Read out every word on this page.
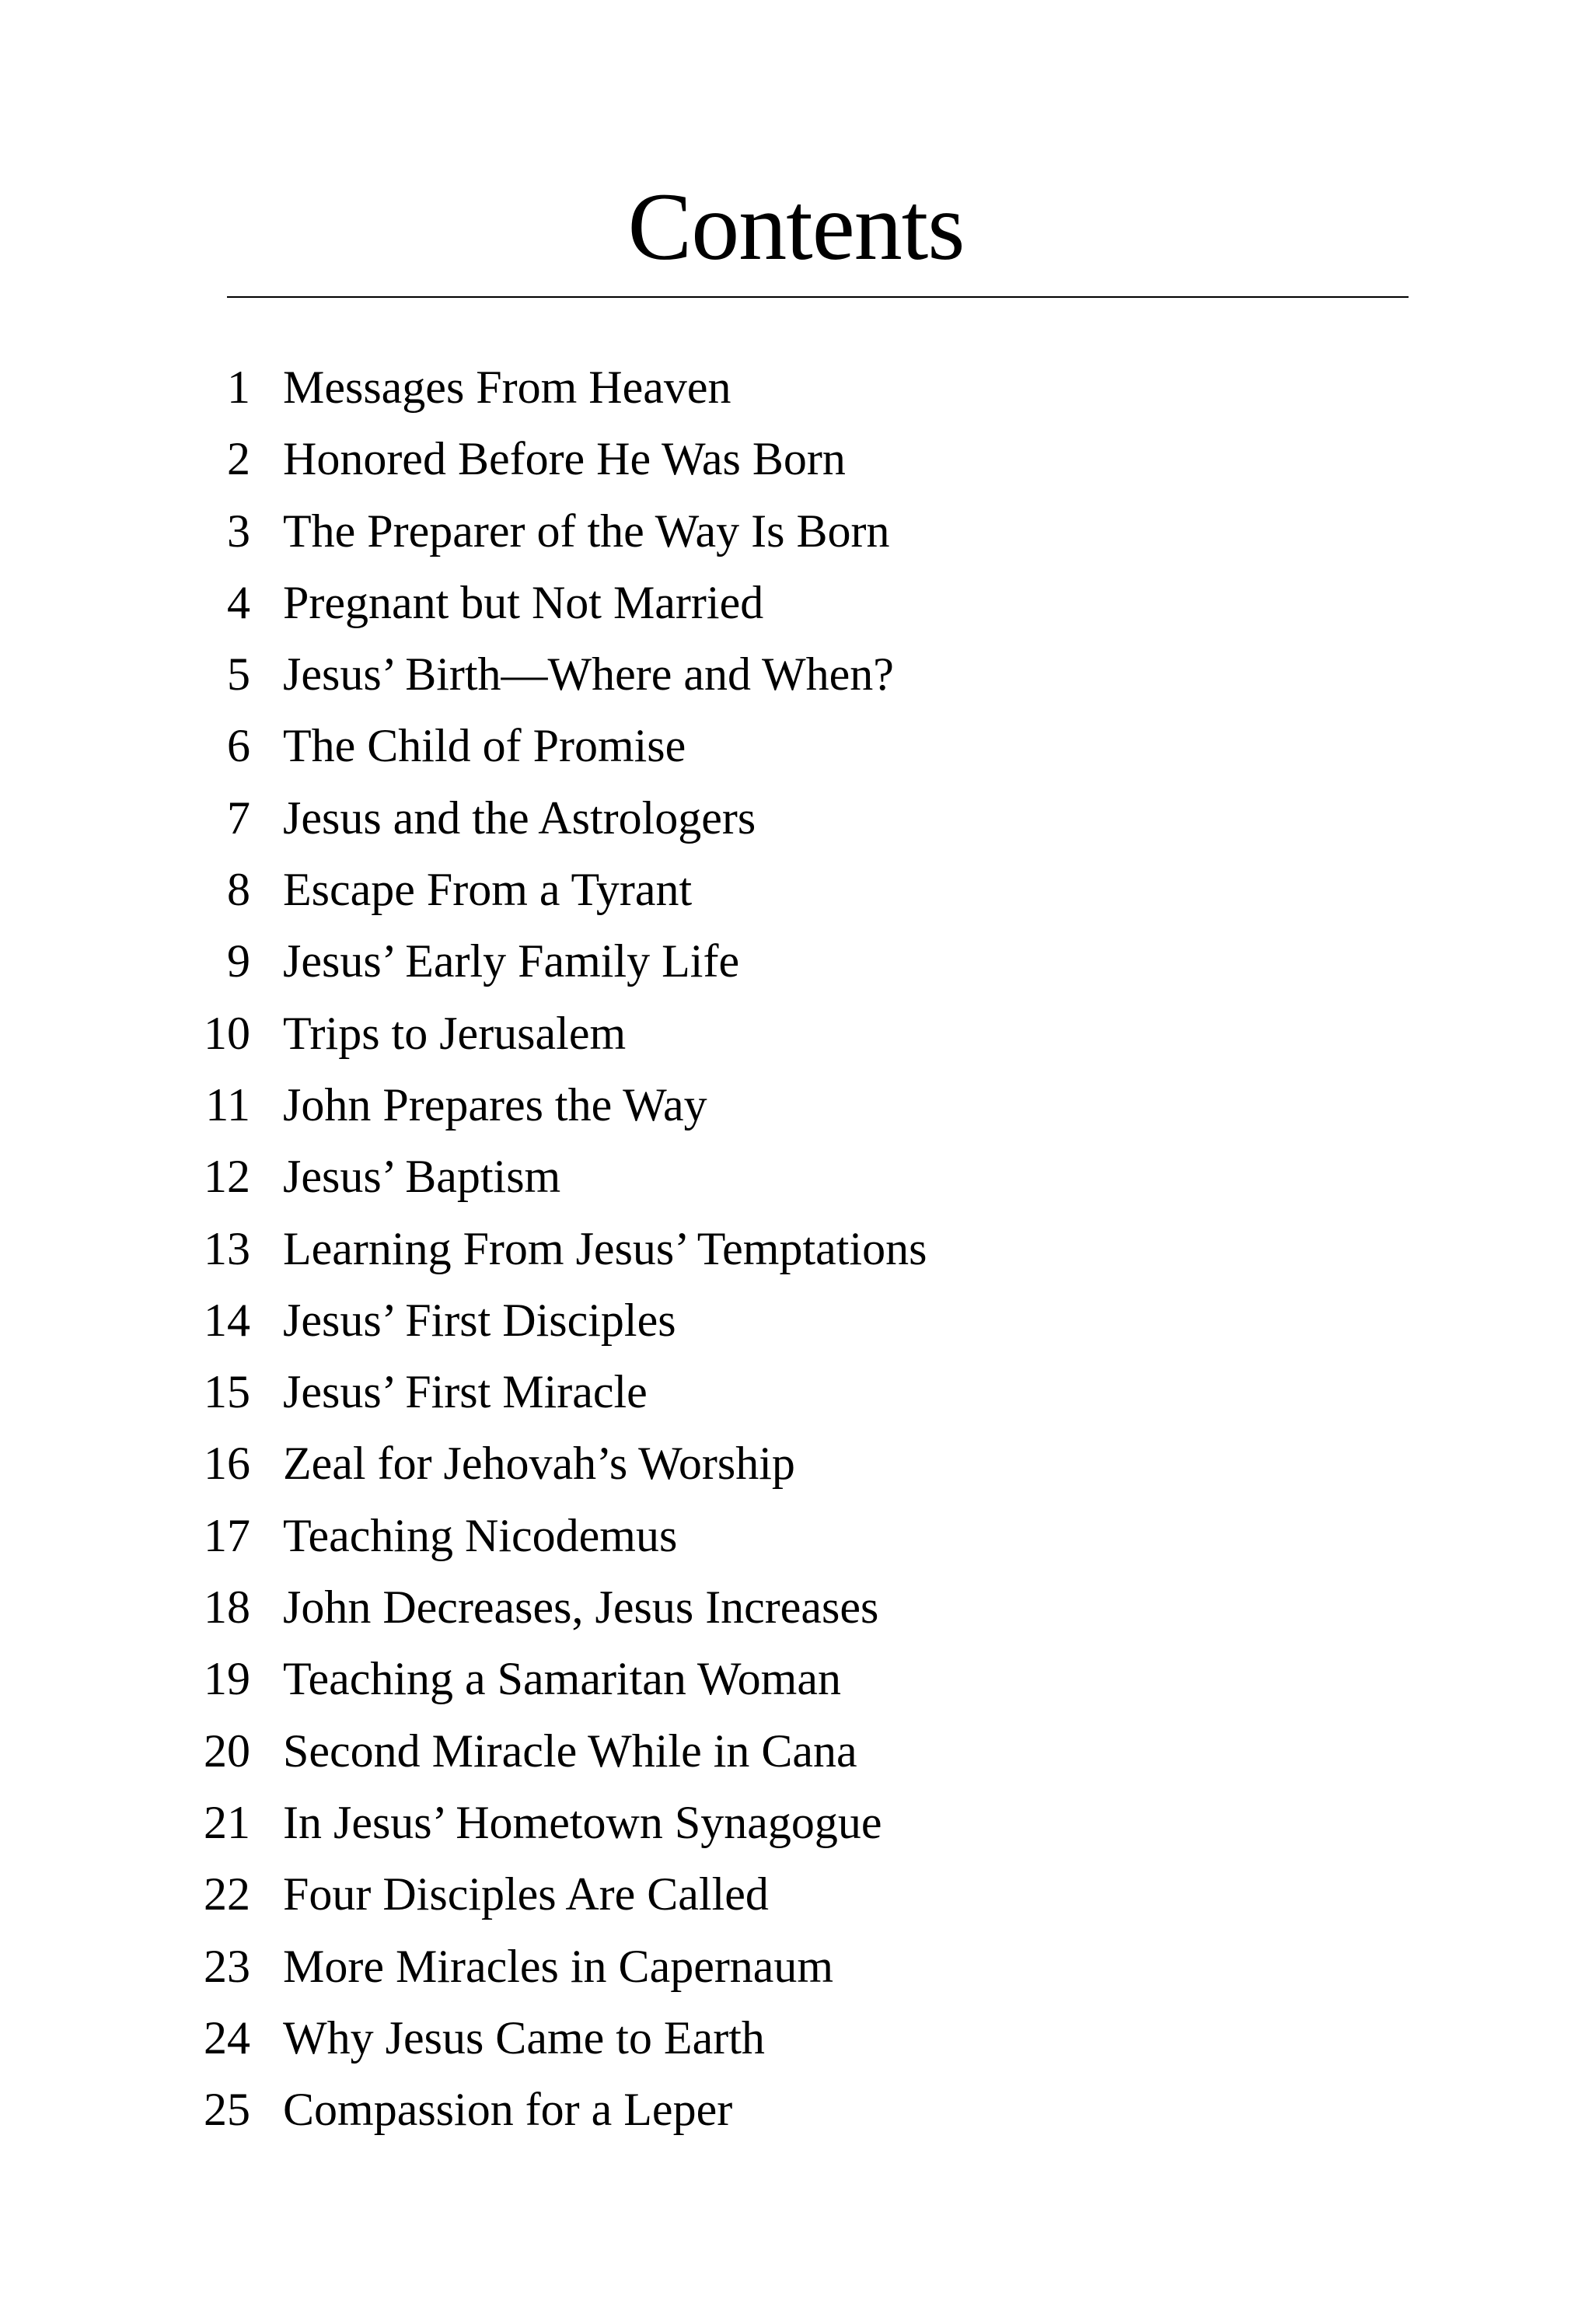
Contents
1 Messages From Heaven
2 Honored Before He Was Born
3 The Preparer of the Way Is Born
4 Pregnant but Not Married
5 Jesus’ Birth—Where and When?
6 The Child of Promise
7 Jesus and the Astrologers
8 Escape From a Tyrant
9 Jesus’ Early Family Life
10 Trips to Jerusalem
11 John Prepares the Way
12 Jesus’ Baptism
13 Learning From Jesus’ Temptations
14 Jesus’ First Disciples
15 Jesus’ First Miracle
16 Zeal for Jehovah’s Worship
17 Teaching Nicodemus
18 John Decreases, Jesus Increases
19 Teaching a Samaritan Woman
20 Second Miracle While in Cana
21 In Jesus’ Hometown Synagogue
22 Four Disciples Are Called
23 More Miracles in Capernaum
24 Why Jesus Came to Earth
25 Compassion for a Leper
